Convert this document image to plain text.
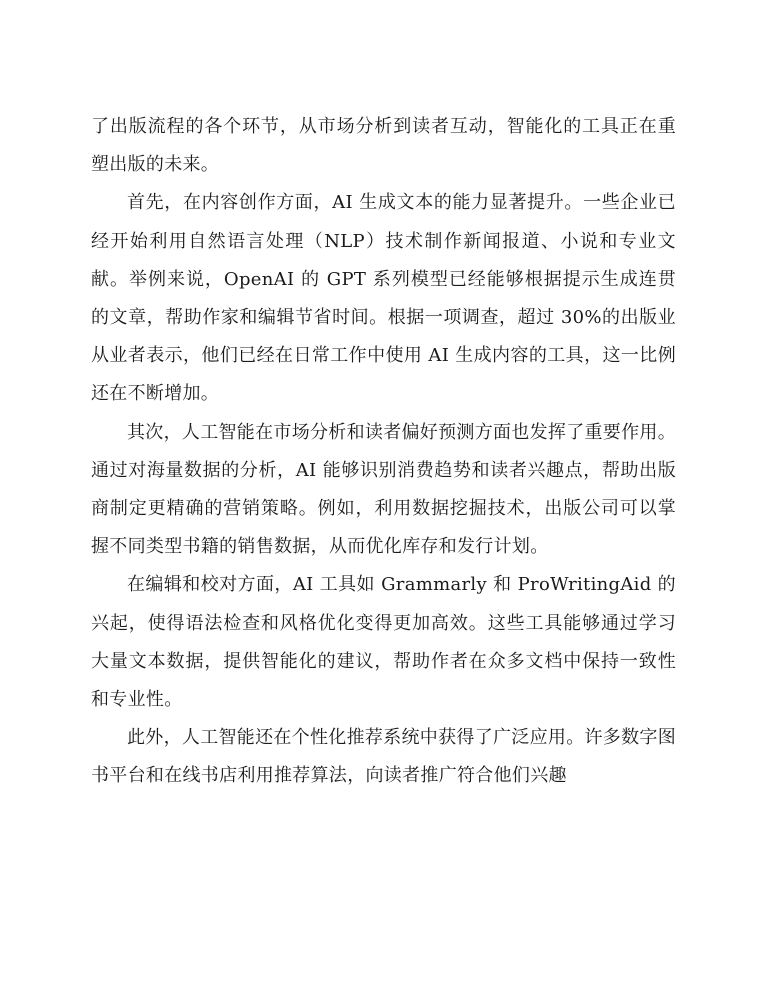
了出版流程的各个环节，从市场分析到读者互动，智能化的工具正在重塑出版的未来。

首先，在内容创作方面，AI 生成文本的能力显著提升。一些企业已经开始利用自然语言处理（NLP）技术制作新闻报道、小说和专业文献。举例来说，OpenAI 的 GPT 系列模型已经能够根据提示生成连贯的文章，帮助作家和编辑节省时间。根据一项调查，超过 30%的出版业从业者表示，他们已经在日常工作中使用 AI 生成内容的工具，这一比例还在不断增加。

其次，人工智能在市场分析和读者偏好预测方面也发挥了重要作用。通过对海量数据的分析，AI 能够识别消费趋势和读者兴趣点，帮助出版商制定更精确的营销策略。例如，利用数据挖掘技术，出版公司可以掌握不同类型书籍的销售数据，从而优化库存和发行计划。

在编辑和校对方面，AI 工具如 Grammarly 和 ProWritingAid 的兴起，使得语法检查和风格优化变得更加高效。这些工具能够通过学习大量文本数据，提供智能化的建议，帮助作者在众多文档中保持一致性和专业性。

此外，人工智能还在个性化推荐系统中获得了广泛应用。许多数字图书平台和在线书店利用推荐算法，向读者推广符合他们兴趣
